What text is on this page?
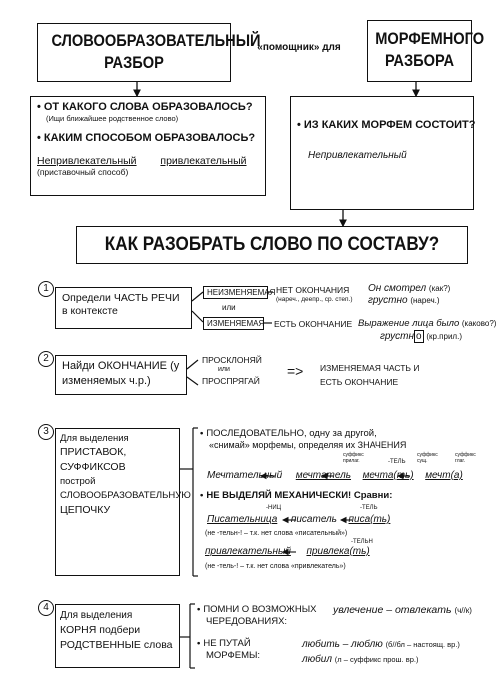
СЛОВООБРАЗОВАТЕЛЬНЫЙ РАЗБОР
«помощник» для	МОРФЕМНОГО РАЗБОРА
• ОТ КАКОГО СЛОВА ОБРАЗОВАЛОСЬ?
(Ищи ближайшее родственное слово)
• КАКИМ СПОСОБОМ ОБРАЗОВАЛОСЬ?
Непривлекательный привлекательный
(приставочный способ)
• ИЗ КАКИХ МОРФЕМ СОСТОИТ?
Непривлекательный
КАК РАЗОБРАТЬ СЛОВО ПО СОСТАВУ?
1
Определи ЧАСТЬ РЕЧИ в контексте
НЕИЗМЕНЯЕМАЯ
или
ИЗМЕНЯЕМАЯ
НЕТ ОКОНЧАНИЯ
(нареч., деепр., ср. степ.)
ЕСТЬ ОКОНЧАНИЕ
Он смотрел (как?)
грустно (нареч.)
Выражение лица было (каково?)
грустн о (кр.прил.)
2
Найди ОКОНЧАНИЕ (у изменяемых ч.р.)
ПРОСКЛОНЯЙ
или
ПРОСПРЯГАЙ
=> ИЗМЕНЯЕМАЯ ЧАСТЬ И ЕСТЬ ОКОНЧАНИЕ
3
Для выделения
ПРИСТАВОК,
СУФФИКСОВ
построй
СЛОВООБРАЗОВАТЕЛЬНУЮ
ЦЕПОЧКУ
• ПОСЛЕДОВАТЕЛЬНО, одну за другой,
«снимай» морфемы, определяя их ЗНАЧЕНИЯ
суффикс прилаг.	-ТЕЛЬ
суффикс сущ.
суффикс глаг.
Мечтательный мечтатель мечта(ть) мечт(а)
• НЕ ВЫДЕЛЯЙ МЕХАНИЧЕСКИ! Сравни:
-НИЦ	-ТЕЛЬ
Писательница писатель писа(ть)
(не -тельн-! – т.к. нет слова «писательный»)
-ТЕЛЬН
привлекательный привлека(ть)
(не -тель-! – т.к. нет слова «привлекатель»)
4
Для выделения
КОРНЯ подбери
РОДСТВЕННЫЕ слова
• ПОМНИ О ВОЗМОЖНЫХ
ЧЕРЕДОВАНИЯХ:
увлечение – отвлекать (ч//к)
• НЕ ПУТАЙ
МОРФЕМЫ:
любить – люблю (б//бл – настоящ. вр.)
любил (л – суффикс прош. вр.)
